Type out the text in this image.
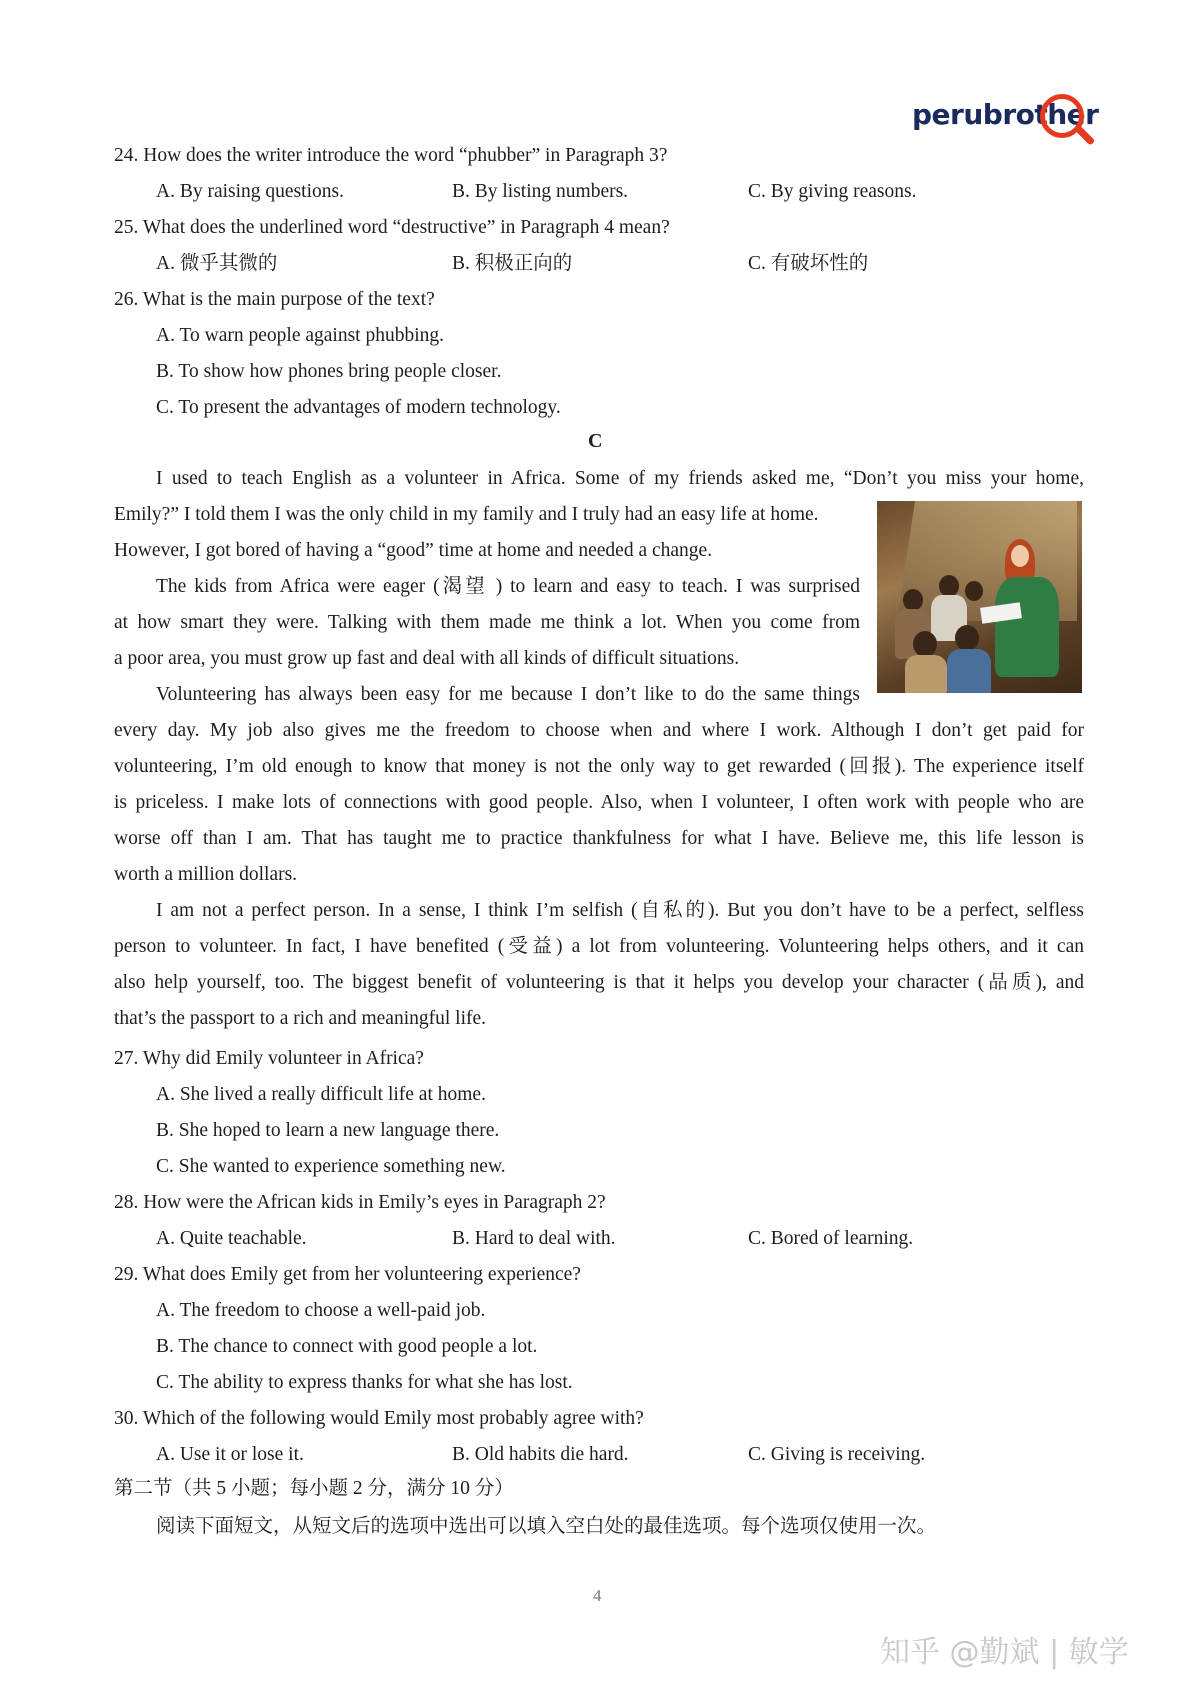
perubrother
24. How does the writer introduce the word “phubber” in Paragraph 3?
A. By raising questions.	B. By listing numbers.	C. By giving reasons.
25. What does the underlined word “destructive” in Paragraph 4 mean?
A. 微乎其微的	B. 积极正向的	C. 有破坏性的
26. What is the main purpose of the text?
A. To warn people against phubbing.
B. To show how phones bring people closer.
C. To present the advantages of modern technology.
C
I used to teach English as a volunteer in Africa. Some of my friends asked me, “Don’t you miss your home,
Emily?” I told them I was the only child in my family and I truly had an easy life at home.
However, I got bored of having a “good” time at home and needed a change.
The kids from Africa were eager (渴望 ) to learn and easy to teach. I was surprised
at how smart they were. Talking with them made me think a lot. When you come from
a poor area, you must grow up fast and deal with all kinds of difficult situations.
Volunteering has always been easy for me because I don’t like to do the same things
every day. My job also gives me the freedom to choose when and where I work. Although I don’t get paid for
volunteering, I’m old enough to know that money is not the only way to get rewarded (回报). The experience itself
is priceless. I make lots of connections with good people. Also, when I volunteer, I often work with people who are
worse off than I am. That has taught me to practice thankfulness for what I have. Believe me, this life lesson is
worth a million dollars.
I am not a perfect person. In a sense, I think I’m selfish (自私的). But you don’t have to be a perfect, selfless
person to volunteer. In fact, I have benefited (受益) a lot from volunteering. Volunteering helps others, and it can
also help yourself, too. The biggest benefit of volunteering is that it helps you develop your character (品质), and
that’s the passport to a rich and meaningful life.
27. Why did Emily volunteer in Africa?
A. She lived a really difficult life at home.
B. She hoped to learn a new language there.
C. She wanted to experience something new.
28. How were the African kids in Emily’s eyes in Paragraph 2?
A. Quite teachable.	B. Hard to deal with.	C. Bored of learning.
29. What does Emily get from her volunteering experience?
A. The freedom to choose a well-paid job.
B. The chance to connect with good people a lot.
C. The ability to express thanks for what she has lost.
30. Which of the following would Emily most probably agree with?
A. Use it or lose it.	B. Old habits die hard.	C. Giving is receiving.
第二节（共 5 小题；每小题 2 分，满分 10 分）
阅读下面短文，从短文后的选项中选出可以填入空白处的最佳选项。每个选项仅使用一次。
4
知乎 @勤斌 | 敏学
